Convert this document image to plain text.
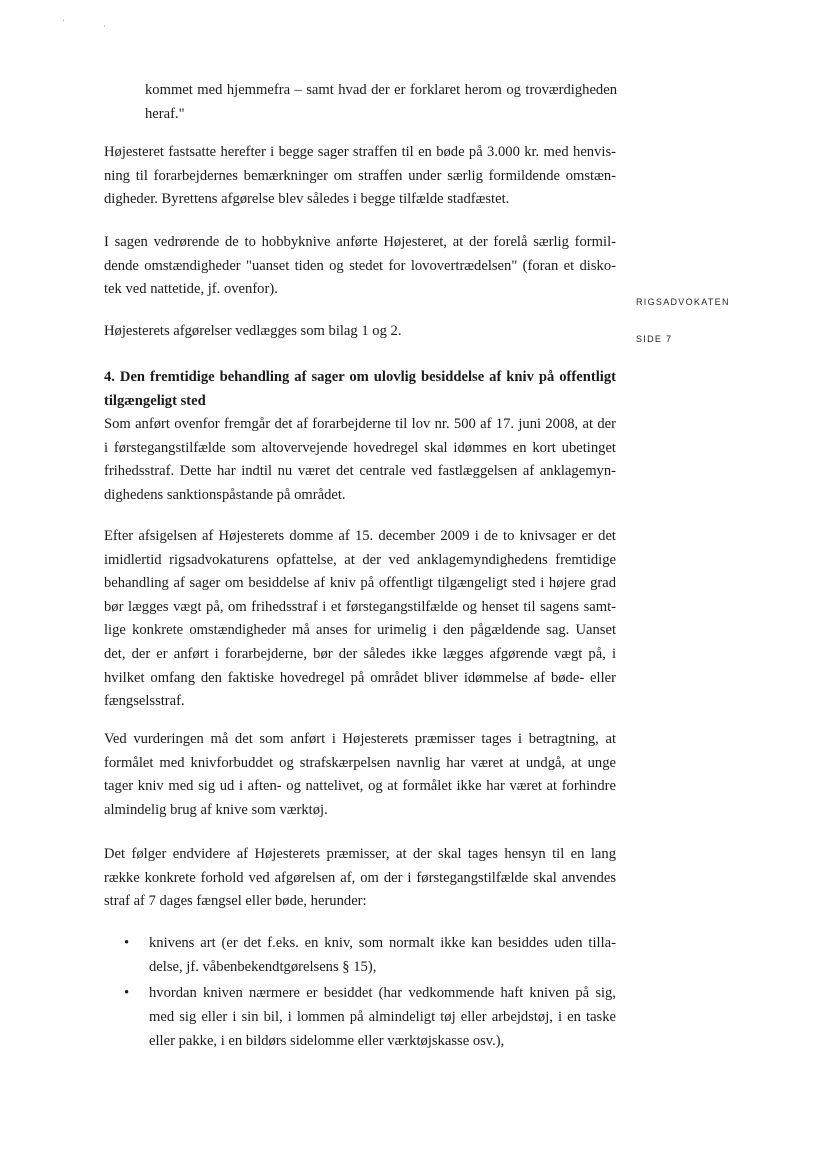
'	·
RIGSADVOKATEN
SIDE 7
kommet med hjemmefra – samt hvad der er forklaret herom og troværdigheden
heraf."
Højesteret fastsatte herefter i begge sager straffen til en bøde på 3.000 kr. med henvis-
ning til forarbejdernes bemærkninger om straffen under særlig formildende omstæn-
digheder. Byrettens afgørelse blev således i begge tilfælde stadfæstet.
I sagen vedrørende de to hobbyknive anførte Højesteret, at der forelå særlig formil-
dende omstændigheder "uanset tiden og stedet for lovovertrædelsen" (foran et disko-
tek ved nattetide, jf. ovenfor).
Højesterets afgørelser vedlægges som bilag 1 og 2.
4. Den fremtidige behandling af sager om ulovlig besiddelse af kniv på offentligt
tilgængeligt sted
Som anført ovenfor fremgår det af forarbejderne til lov nr. 500 af 17. juni 2008, at der
i førstegangstilfælde som altovervejende hovedregel skal idømmes en kort ubetinget
frihedsstraf. Dette har indtil nu været det centrale ved fastlæggelsen af anklagemyn-
dighedens sanktionspåstande på området.
Efter afsigelsen af Højesterets domme af 15. december 2009 i de to knivsager er det
imidlertid rigsadvokaturens opfattelse, at der ved anklagemyndighedens fremtidige
behandling af sager om besiddelse af kniv på offentligt tilgængeligt sted i højere grad
bør lægges vægt på, om frihedsstraf i et førstegangstilfælde og henset til sagens samt-
lige konkrete omstændigheder må anses for urimelig i den pågældende sag. Uanset
det, der er anført i forarbejderne, bør der således ikke lægges afgørende vægt på, i
hvilket omfang den faktiske hovedregel på området bliver idømmelse af bøde- eller
fængselsstraf.
Ved vurderingen må det som anført i Højesterets præmisser tages i betragtning, at
formålet med knivforbuddet og strafskærpelsen navnlig har været at undgå, at unge
tager kniv med sig ud i aften- og nattelivet, og at formålet ikke har været at forhindre
almindelig brug af knive som værktøj.
Det følger endvidere af Højesterets præmisser, at der skal tages hensyn til en lang
række konkrete forhold ved afgørelsen af, om der i førstegangstilfælde skal anvendes
straf af 7 dages fængsel eller bøde, herunder:
• knivens art (er det f.eks. en kniv, som normalt ikke kan besiddes uden tilla-
delse, jf. våbenbekendtgørelsens § 15),
• hvordan kniven nærmere er besiddet (har vedkommende haft kniven på sig,
med sig eller i sin bil, i lommen på almindeligt tøj eller arbejdstøj, i en taske
eller pakke, i en bildørs sidelomme eller værktøjskasse osv.),
